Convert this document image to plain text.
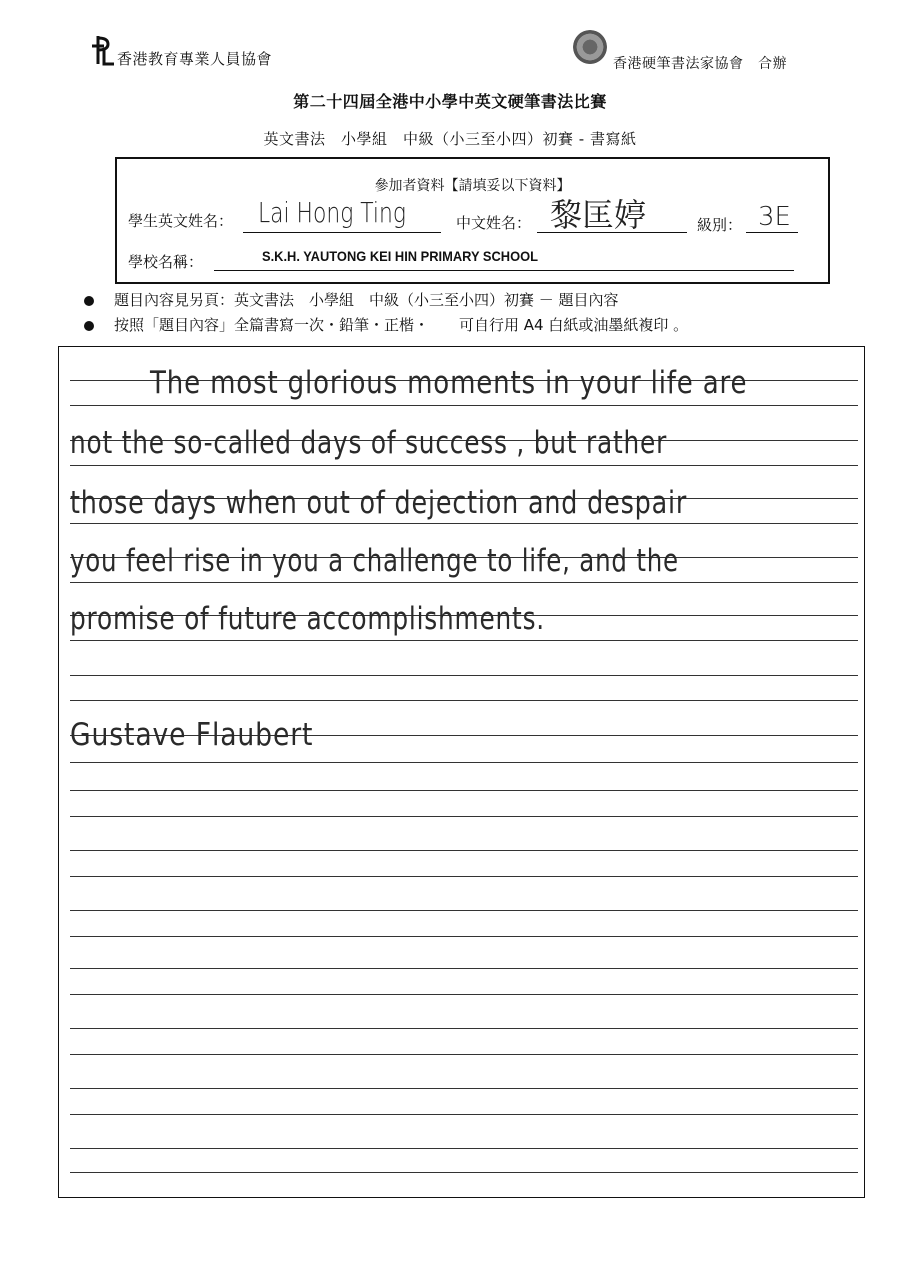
香港教育專業人員協會	香港硬筆書法家協會　合辦
第二十四屆全港中小學中英文硬筆書法比賽
英文書法　小學組　中級（小三至小四）初賽 - 書寫紙
參加者資料【請填妥以下資料】
學生英文姓名： Lai Hong Ting	中文姓名： 黎匡婷	級別： 3E
學校名稱：	S.K.H. YAUTONG KEI HIN PRIMARY SCHOOL
題目內容見另頁：英文書法　小學組　中級（小三至小四）初賽 － 題目內容
按照「題目內容」全篇書寫一次・鉛筆・正楷・　　可自行用 A4 白紙或油墨紙複印 。
The most glorious moments in your life are
not the so-called days of success , but rather
those days when out of dejection and despair
you feel rise in you a challenge to life, and the
promise of future accomplishments.
Gustave Flaubert
